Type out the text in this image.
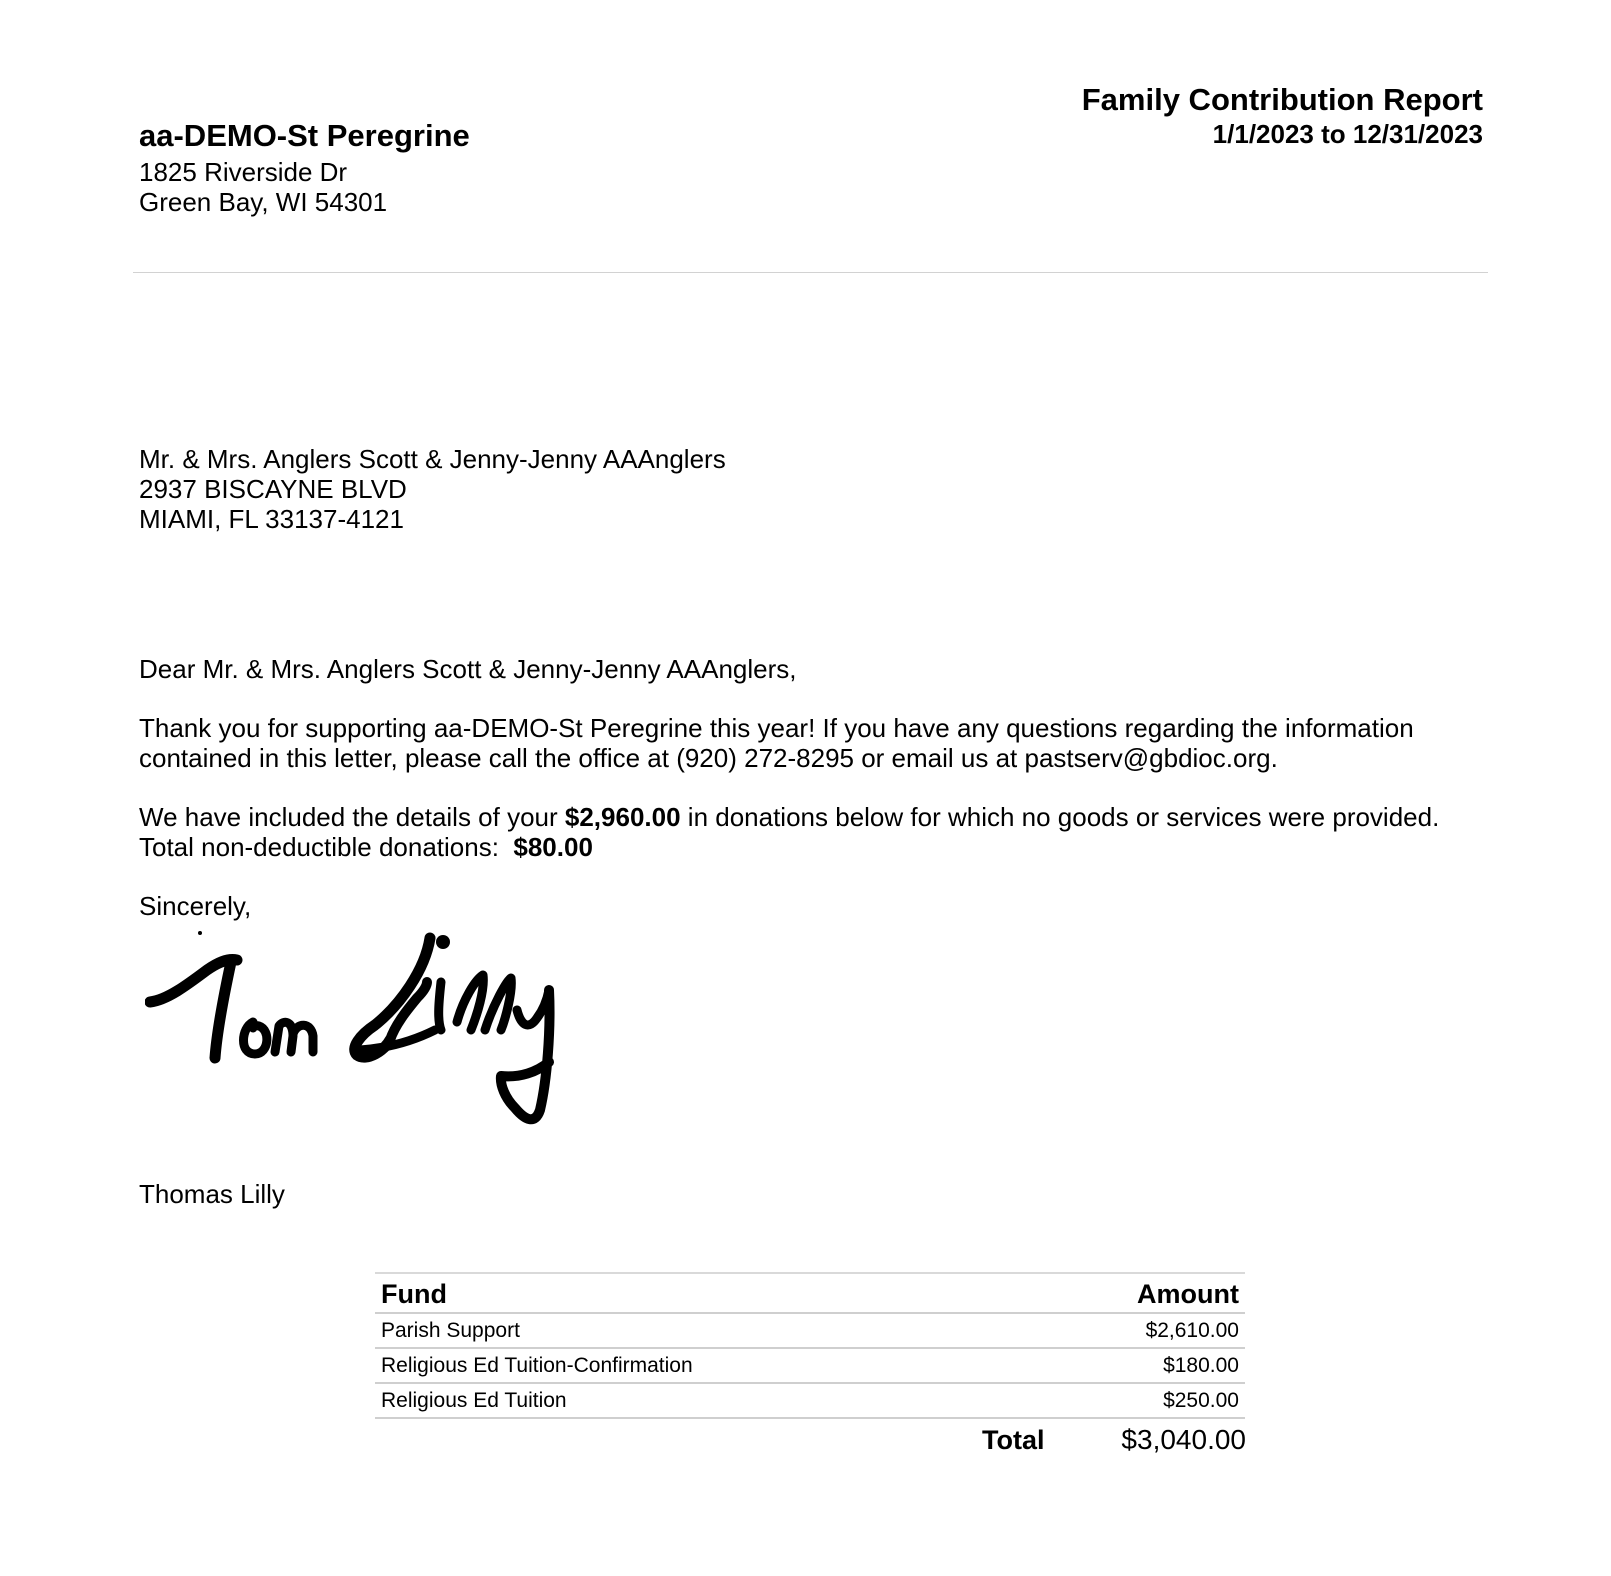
aa-DEMO-St Peregrine
1825 Riverside Dr
Green Bay, WI 54301
Family Contribution Report
1/1/2023 to 12/31/2023
Mr. & Mrs. Anglers Scott & Jenny-Jenny AAAnglers
2937 BISCAYNE BLVD
MIAMI, FL 33137-4121

Dear Mr. & Mrs. Anglers Scott & Jenny-Jenny AAAnglers,

Thank you for supporting aa-DEMO-St Peregrine this year! If you have any questions regarding the information contained in this letter, please call the office at (920) 272-8295 or email us at pastserv@gbdioc.org.

We have included the details of your $2,960.00 in donations below for which no goods or services were provided.

Total non-deductible donations: $80.00

Sincerely,

Thomas Lilly

Fund	Amount
Parish Support	$2,610.00
Religious Ed Tuition-Confirmation	$180.00
Religious Ed Tuition	$250.00
Total	$3,040.00
